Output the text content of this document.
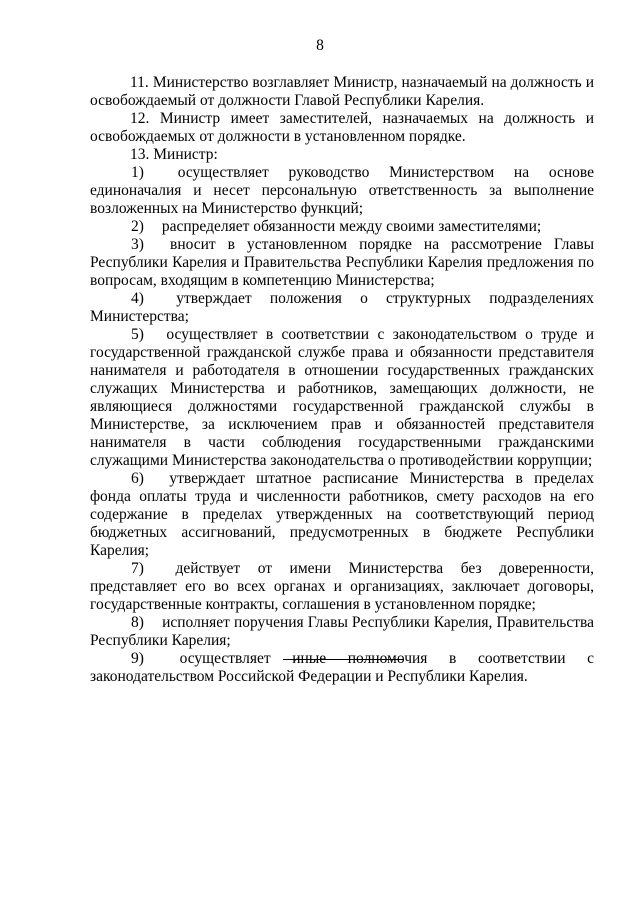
8

11. Министерство возглавляет Министр, назначаемый на должность и освобождаемый от должности Главой Республики Карелия.

12. Министр имеет заместителей, назначаемых на должность и освобождаемых от должности в установленном порядке.

13. Министр:

1) осуществляет руководство Министерством на основе единоначалия и несет персональную ответственность за выполнение возложенных на Министерство функций;

2) распределяет обязанности между своими заместителями;

3) вносит в установленном порядке на рассмотрение Главы Республики Карелия и Правительства Республики Карелия предложения по вопросам, входящим в компетенцию Министерства;

4) утверждает положения о структурных подразделениях Министерства;

5) осуществляет в соответствии с законодательством о труде и государственной гражданской службе права и обязанности представителя нанимателя и работодателя в отношении государственных гражданских служащих Министерства и работников, замещающих должности, не являющиеся должностями государственной гражданской службы в Министерстве, за исключением прав и обязанностей представителя нанимателя в части соблюдения государственными гражданскими служащими Министерства законодательства о противодействии коррупции;

6) утверждает штатное расписание Министерства в пределах фонда оплаты труда и численности работников, смету расходов на его содержание в пределах утвержденных на соответствующий период бюджетных ассигнований, предусмотренных в бюджете Республики Карелия;

7) действует от имени Министерства без доверенности, представляет его во всех органах и организациях, заключает договоры, государственные контракты, соглашения в установленном порядке;

8) исполняет поручения Главы Республики Карелия, Правительства Республики Карелия;

9) осуществляет иные полномочия в соответствии с законодательством Российской Федерации и Республики Карелия.
